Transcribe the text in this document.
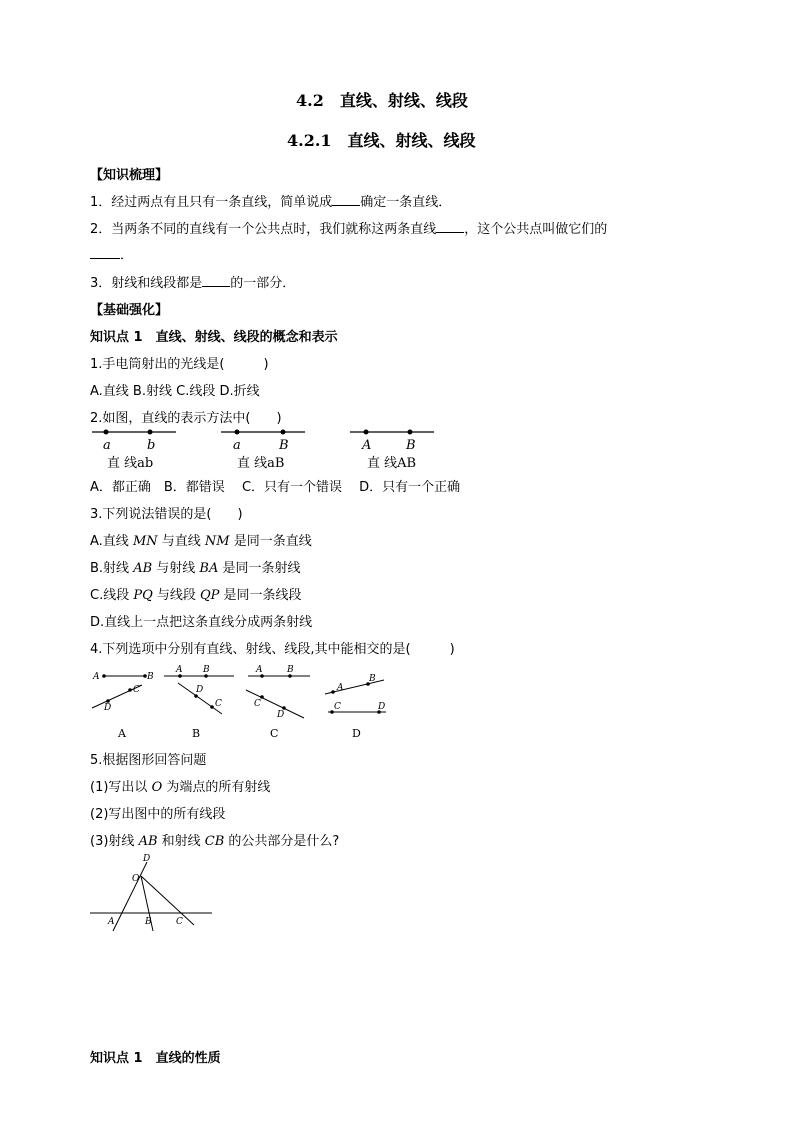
4.2　直线、射线、线段
4.2.1　直线、射线、线段
【知识梳理】
1．经过两点有且只有一条直线，简单说成 确定一条直线．
2．当两条不同的直线有一个公共点时，我们就称这两条直线 ，这个公共点叫做它们的
．
3．射线和线段都是 的一部分．
【基础强化】
知识点 1　直线、射线、线段的概念和表示
1.手电筒射出的光线是(　　　)
A.直线 B.射线 C.线段 D.折线
2.如图，直线的表示方法中(　　)
a	b
直 线ab
a	B
直 线aB
A	B
直 线AB
A	B
C
D
A
A B
D
C
B
A	B
C
D
C
A
B
C	D
D
D
O
A	B	C
A．都正确　B．都错误　 C．只有一个错误　 D．只有一个正确
3.下列说法错误的是(　　)
A.直线 MN 与直线 NM 是同一条直线
B.射线 AB 与射线 BA 是同一条射线
C.线段 PQ 与线段 QP 是同一条线段
D.直线上一点把这条直线分成两条射线
4.下列选项中分别有直线、射线、线段,其中能相交的是(　　　)
5.根据图形回答问题
(1)写出以 O 为端点的所有射线
(2)写出图中的所有线段
(3)射线 AB 和射线 CB 的公共部分是什么?
知识点 1　直线的性质
